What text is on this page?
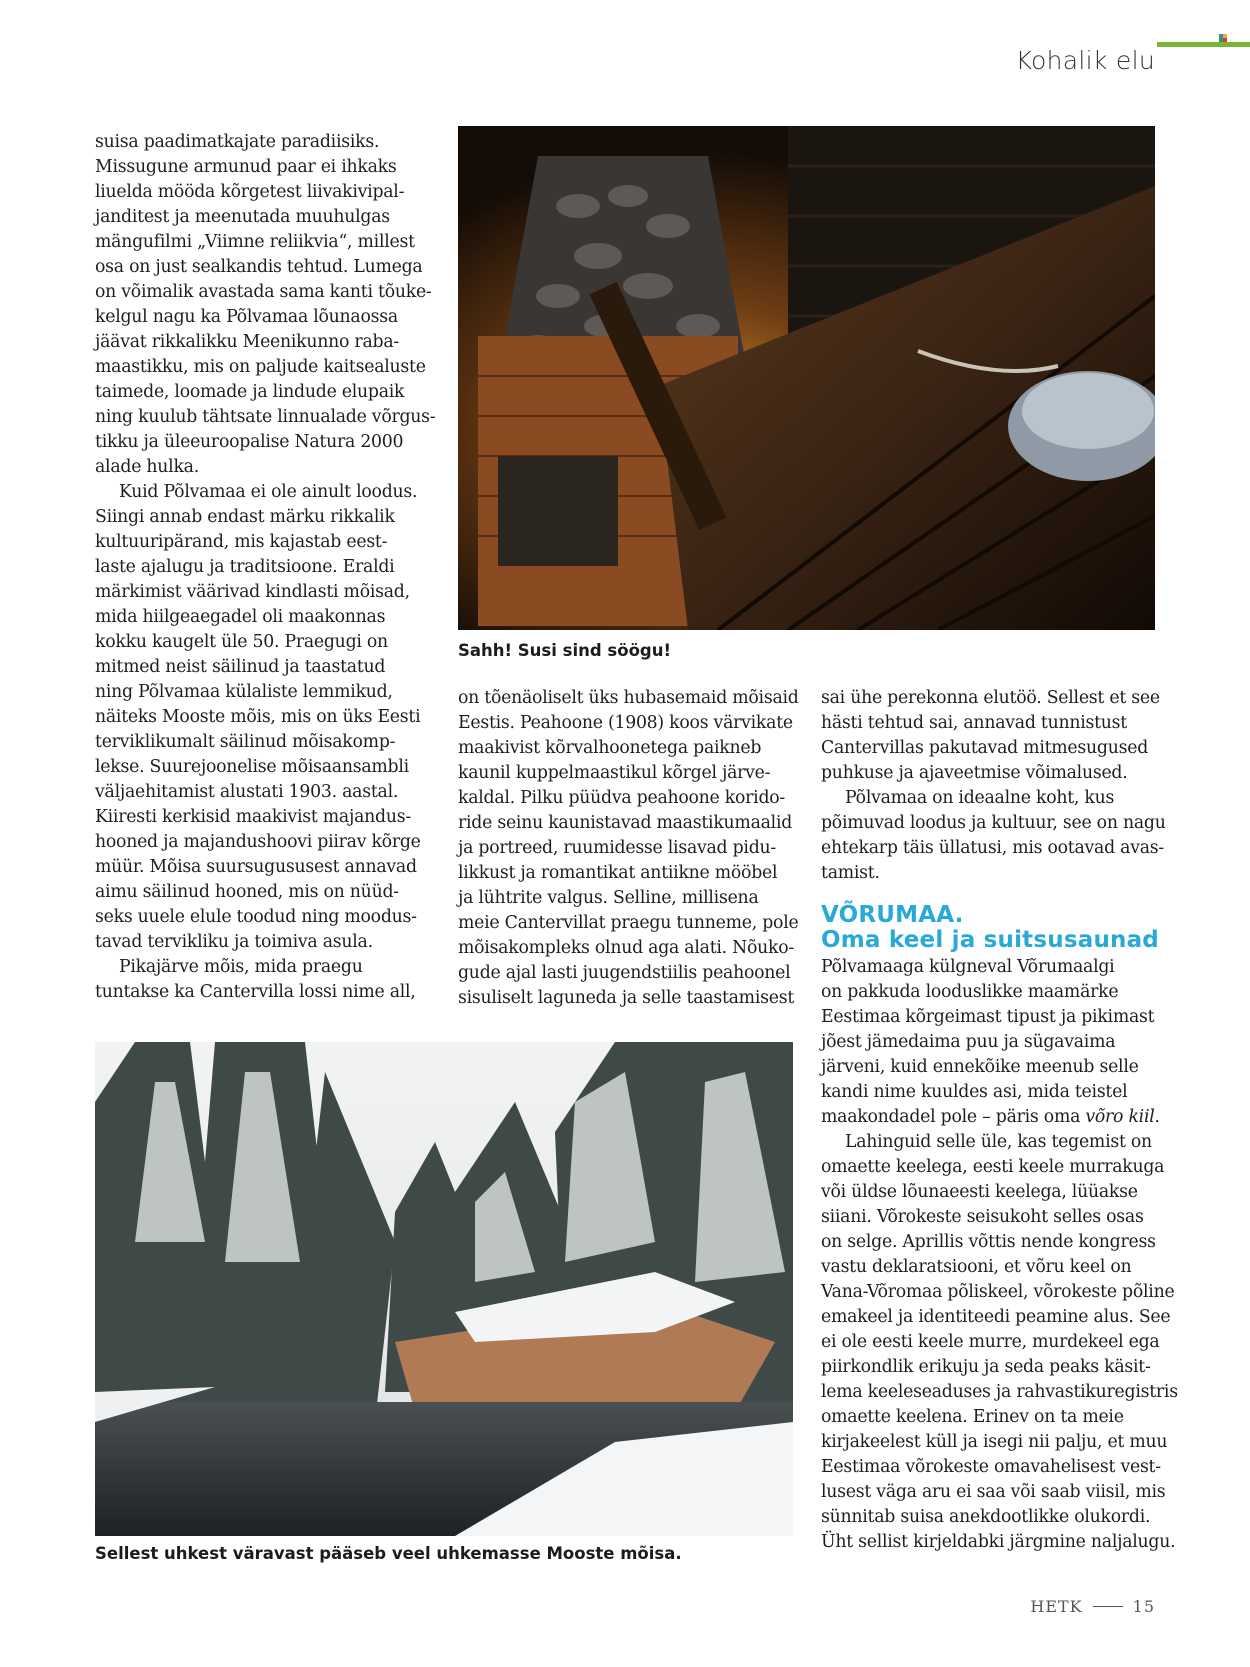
Kohalik elu

suisa paadimatkajate paradiisiks.

Missugune armunud paar ei ihkaks

liuelda mööda kõrgetest liivakivipal-

janditest ja meenutada muuhulgas

mängufilmi „Viimne reliikvia“, millest

osa on just sealkandis tehtud. Lumega

on võimalik avastada sama kanti tõuke-

kelgul nagu ka Põlvamaa lõunaossa

jäävat rikkalikku Meenikunno raba-

maastikku, mis on paljude kaitsealuste

taimede, loomade ja lindude elupaik

ning kuulub tähtsate linnualade võrgus-

tikku ja üleeuroopalise Natura 2000

alade hulka.

Kuid Põlvamaa ei ole ainult loodus.

Siingi annab endast märku rikkalik

kultuuripärand, mis kajastab eest-

laste ajalugu ja traditsioone. Eraldi

märkimist väärivad kindlasti mõisad,

mida hiilgeaegadel oli maakonnas

kokku kaugelt üle 50. Praegugi on

mitmed neist säilinud ja taastatud

ning Põlvamaa külaliste lemmikud,

näiteks Mooste mõis, mis on üks Eesti

terviklikumalt säilinud mõisakomp-

lekse. Suurejoonelise mõisaansambli

väljaehitamist alustati 1903. aastal.

Kiiresti kerkisid maakivist majandus-

hooned ja majandushoovi piirav kõrge

müür. Mõisa suursugususest annavad

aimu säilinud hooned, mis on nüüd-

seks uuele elule toodud ning moodus-

tavad tervikliku ja toimiva asula.

Pikajärve mõis, mida praegu

tuntakse ka Cantervilla lossi nime all,

Sahh! Susi sind söögu!

on tõenäoliselt üks hubasemaid mõisaid

Eestis. Peahoone (1908) koos värvikate

maakivist kõrvalhoonetega paikneb

kaunil kuppelmaastikul kõrgel järve-

kaldal. Pilku püüdva peahoone korido-

ride seinu kaunistavad maastikumaalid

ja portreed, ruumidesse lisavad pidu-

likkust ja romantikat antiikne mööbel

ja lühtrite valgus. Selline, millisena

meie Cantervillat praegu tunneme, pole

mõisakompleks olnud aga alati. Nõuko-

gude ajal lasti juugendstiilis peahoonel

sisuliselt laguneda ja selle taastamisest

sai ühe perekonna elutöö. Sellest et see

hästi tehtud sai, annavad tunnistust

Cantervillas pakutavad mitmesugused

puhkuse ja ajaveetmise võimalused.

Põlvamaa on ideaalne koht, kus

põimuvad loodus ja kultuur, see on nagu

ehtekarp täis üllatusi, mis ootavad avas-

tamist.

VÕRUMAA.
Oma keel ja suitsusaunad

Põlvamaaga külgneval Võrumaalgi

on pakkuda looduslikke maamärke

Eestimaa kõrgeimast tipust ja pikimast

jõest jämedaima puu ja sügavaima

järveni, kuid ennekõike meenub selle

kandi nime kuuldes asi, mida teistel

maakondadel pole – päris oma võro kiil.

Lahinguid selle üle, kas tegemist on

omaette keelega, eesti keele murrakuga

või üldse lõunaeesti keelega, lüüakse

siiani. Võrokeste seisukoht selles osas

on selge. Aprillis võttis nende kongress

vastu deklaratsiooni, et võru keel on

Vana-Võromaa põliskeel, võrokeste põline

emakeel ja identiteedi peamine alus. See

ei ole eesti keele murre, murdekeel ega

piirkondlik erikuju ja seda peaks käsit-

lema keeleseaduses ja rahvastikuregistris

omaette keelena. Erinev on ta meie

kirjakeelest küll ja isegi nii palju, et muu

Eestimaa võrokeste omavahelisest vest-

lusest väga aru ei saa või saab viisil, mis

sünnitab suisa anekdootlikke olukordi.

Üht sellist kirjeldabki järgmine naljalugu.

Sellest uhkest väravast pääseb veel uhkemasse Mooste mõisa.

HETK	15
